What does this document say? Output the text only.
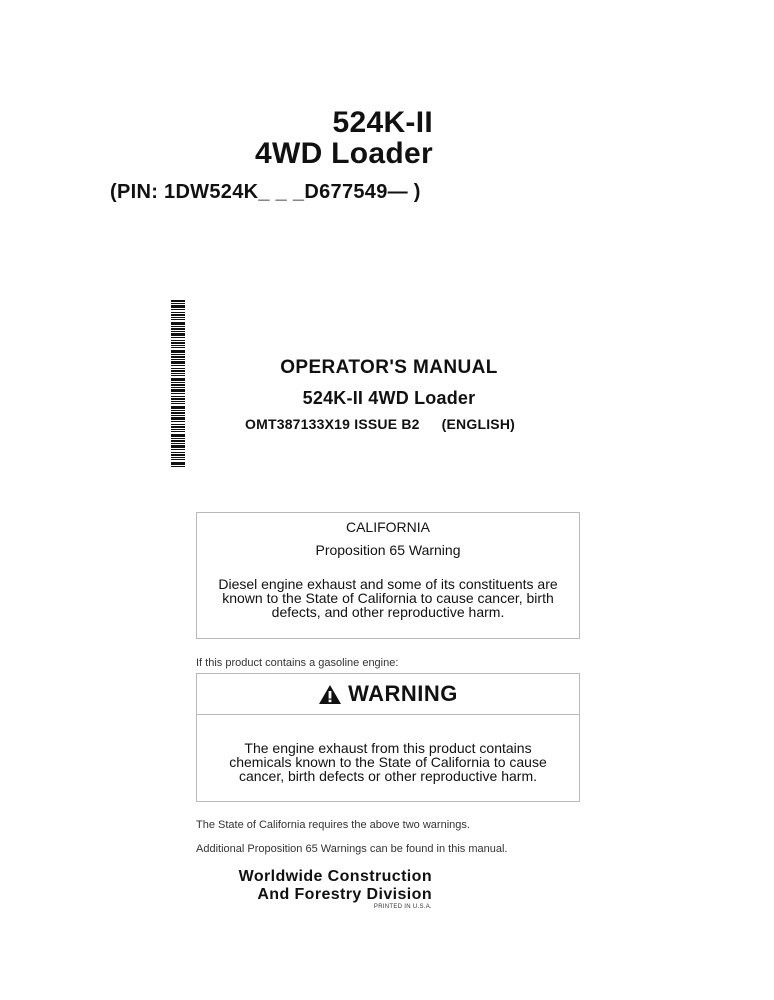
524K-II
4WD Loader
(PIN: 1DW524K_ _ _D677549— )
OPERATOR'S MANUAL
524K-II 4WD Loader
OMT387133X19 ISSUE B2 (ENGLISH)
CALIFORNIA
Proposition 65 Warning
Diesel engine exhaust and some of its constituents are known to the State of California to cause cancer, birth defects, and other reproductive harm.
If this product contains a gasoline engine:
WARNING
The engine exhaust from this product contains chemicals known to the State of California to cause cancer, birth defects or other reproductive harm.
The State of California requires the above two warnings.
Additional Proposition 65 Warnings can be found in this manual.
Worldwide Construction
And Forestry Division
PRINTED IN U.S.A.
